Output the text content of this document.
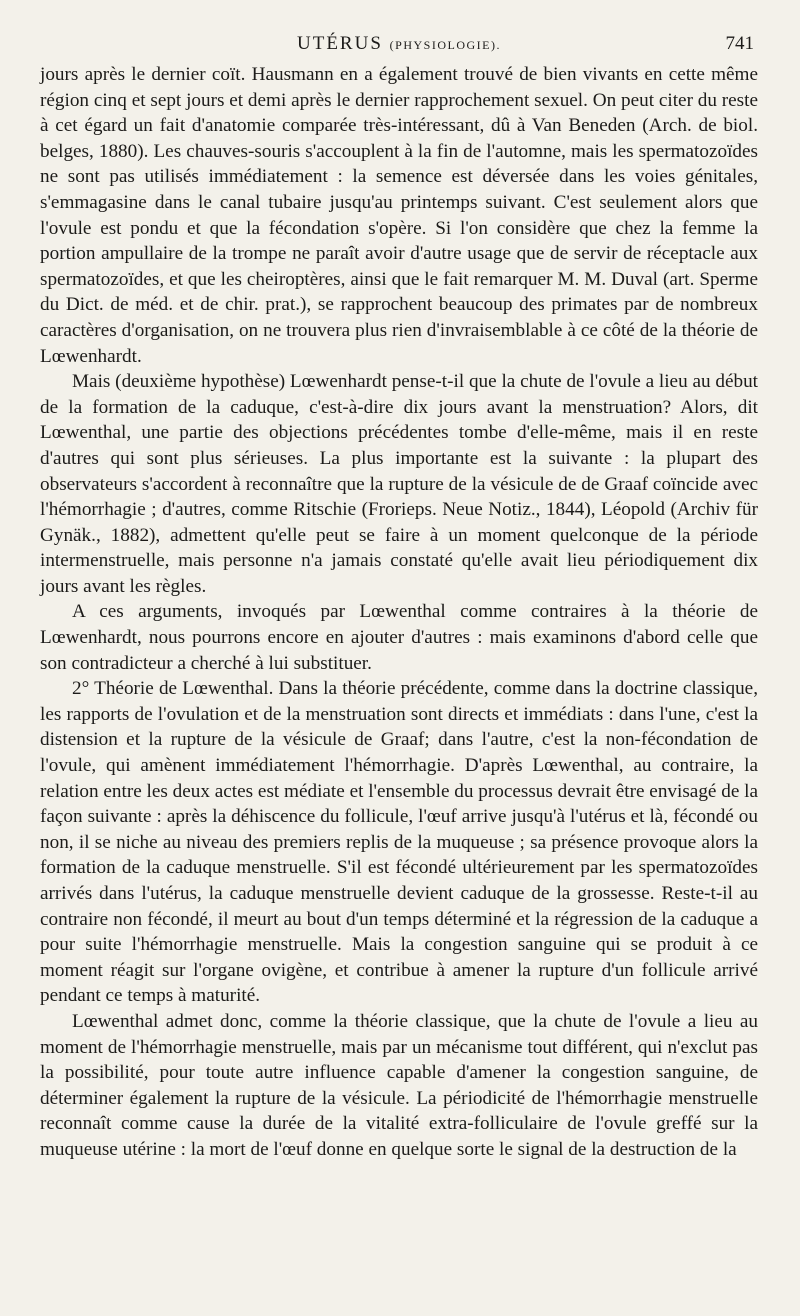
UTÉRUS (PHYSIOLOGIE).	741

jours après le dernier coït. Hausmann en a également trouvé de bien vivants en cette même région cinq et sept jours et demi après le dernier rapprochement sexuel. On peut citer du reste à cet égard un fait d'anatomie comparée très-intéressant, dû à Van Beneden (Arch. de biol. belges, 1880). Les chauves-souris s'accouplent à la fin de l'automne, mais les spermatozoïdes ne sont pas utilisés immédiatement : la semence est déversée dans les voies génitales, s'emmagasine dans le canal tubaire jusqu'au printemps suivant. C'est seulement alors que l'ovule est pondu et que la fécondation s'opère. Si l'on considère que chez la femme la portion ampullaire de la trompe ne paraît avoir d'autre usage que de servir de réceptacle aux spermatozoïdes, et que les cheiroptères, ainsi que le fait remarquer M. M. Duval (art. Sperme du Dict. de méd. et de chir. prat.), se rapprochent beaucoup des primates par de nombreux caractères d'organisation, on ne trouvera plus rien d'invraisemblable à ce côté de la théorie de Lœwenhardt.

Mais (deuxième hypothèse) Lœwenhardt pense-t-il que la chute de l'ovule a lieu au début de la formation de la caduque, c'est-à-dire dix jours avant la menstruation? Alors, dit Lœwenthal, une partie des objections précédentes tombe d'elle-même, mais il en reste d'autres qui sont plus sérieuses. La plus importante est la suivante : la plupart des observateurs s'accordent à reconnaître que la rupture de la vésicule de de Graaf coïncide avec l'hémorrhagie ; d'autres, comme Ritschie (Frorieps. Neue Notiz., 1844), Léopold (Archiv für Gynäk., 1882), admettent qu'elle peut se faire à un moment quelconque de la période intermenstruelle, mais personne n'a jamais constaté qu'elle avait lieu périodiquement dix jours avant les règles.

A ces arguments, invoqués par Lœwenthal comme contraires à la théorie de Lœwenhardt, nous pourrons encore en ajouter d'autres : mais examinons d'abord celle que son contradicteur a cherché à lui substituer.

2° Théorie de Lœwenthal. Dans la théorie précédente, comme dans la doctrine classique, les rapports de l'ovulation et de la menstruation sont directs et immédiats : dans l'une, c'est la distension et la rupture de la vésicule de Graaf; dans l'autre, c'est la non-fécondation de l'ovule, qui amènent immédiatement l'hémorrhagie. D'après Lœwenthal, au contraire, la relation entre les deux actes est médiate et l'ensemble du processus devrait être envisagé de la façon suivante : après la déhiscence du follicule, l'œuf arrive jusqu'à l'utérus et là, fécondé ou non, il se niche au niveau des premiers replis de la muqueuse ; sa présence provoque alors la formation de la caduque menstruelle. S'il est fécondé ultérieurement par les spermatozoïdes arrivés dans l'utérus, la caduque menstruelle devient caduque de la grossesse. Reste-t-il au contraire non fécondé, il meurt au bout d'un temps déterminé et la régression de la caduque a pour suite l'hémorrhagie menstruelle. Mais la congestion sanguine qui se produit à ce moment réagit sur l'organe ovigène, et contribue à amener la rupture d'un follicule arrivé pendant ce temps à maturité.

Lœwenthal admet donc, comme la théorie classique, que la chute de l'ovule a lieu au moment de l'hémorrhagie menstruelle, mais par un mécanisme tout différent, qui n'exclut pas la possibilité, pour toute autre influence capable d'amener la congestion sanguine, de déterminer également la rupture de la vésicule. La périodicité de l'hémorrhagie menstruelle reconnaît comme cause la durée de la vitalité extra-folliculaire de l'ovule greffé sur la muqueuse utérine : la mort de l'œuf donne en quelque sorte le signal de la destruction de la
